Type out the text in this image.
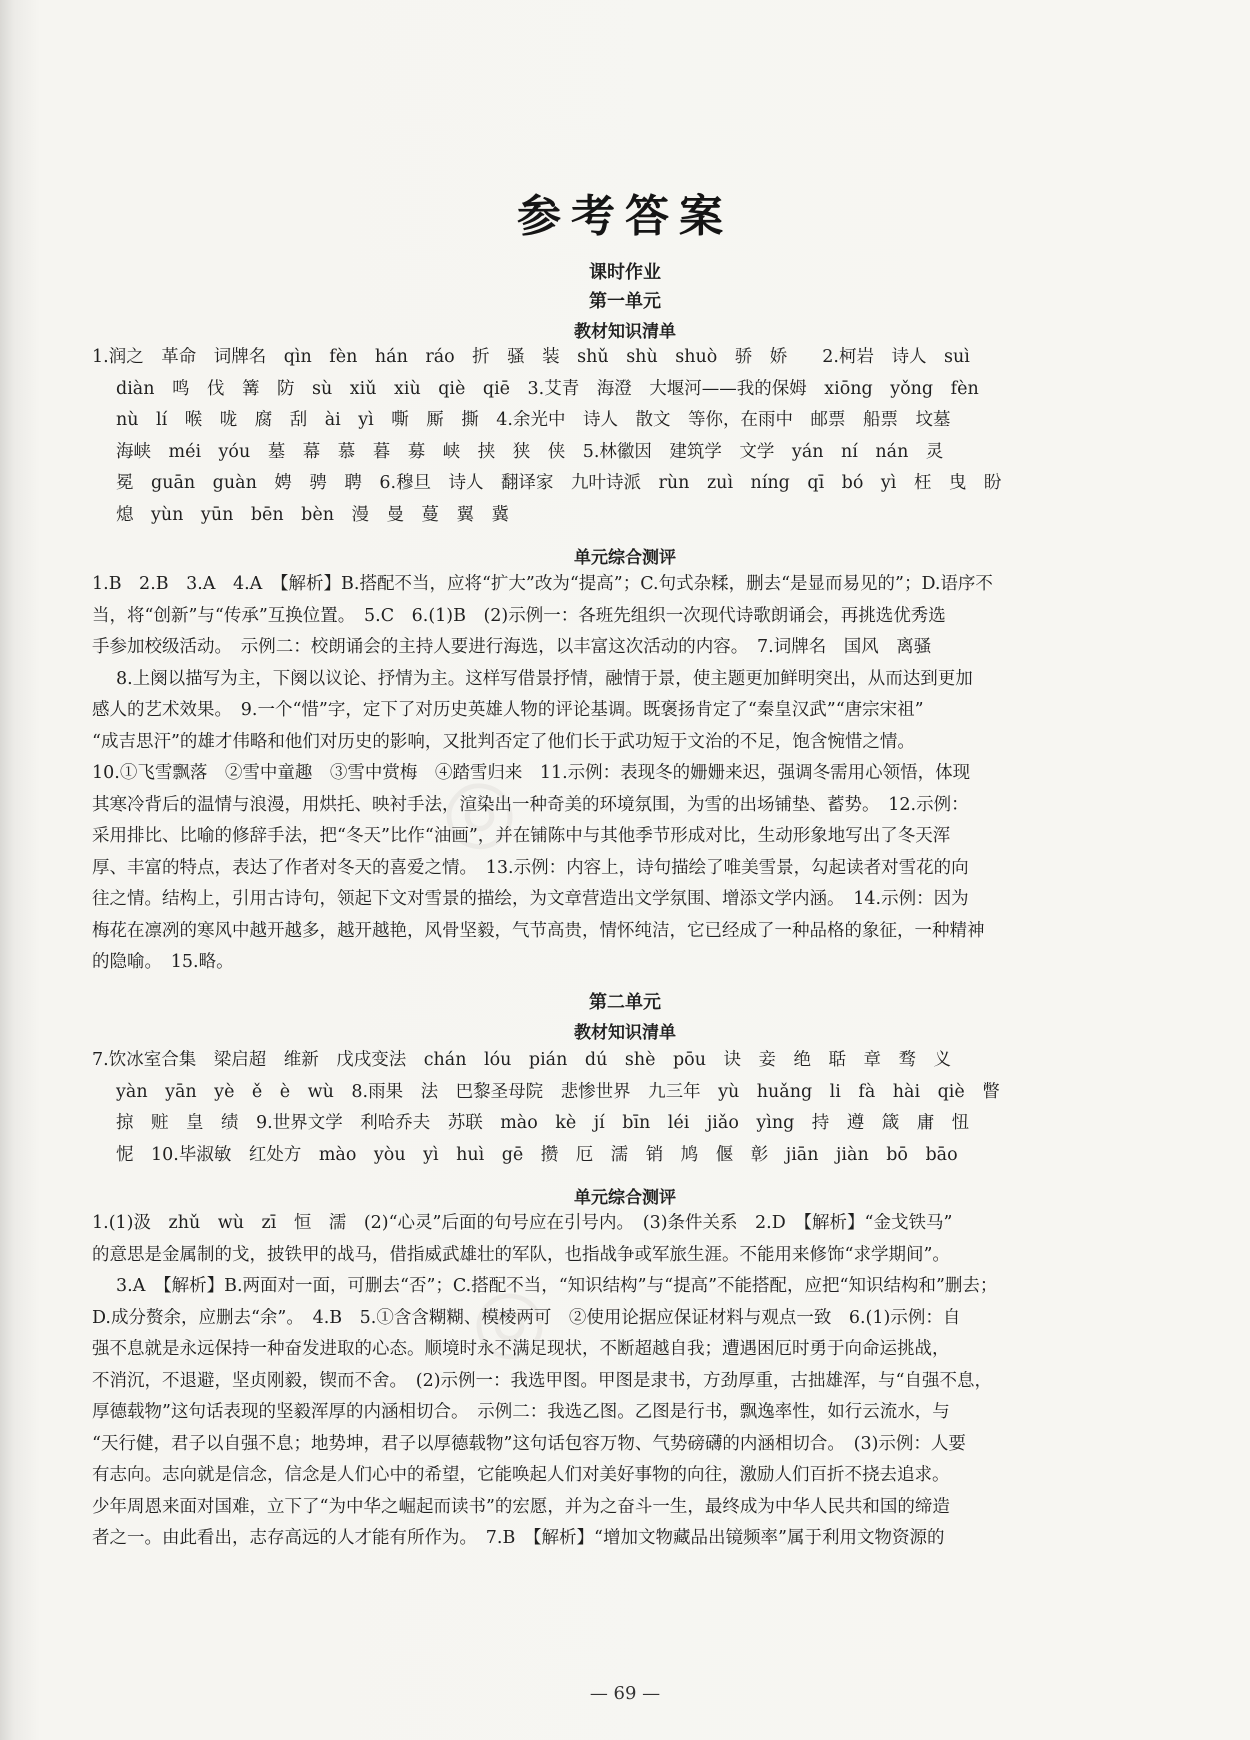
参考答案
课时作业
第一单元
教材知识清单
1.润之　革命　词牌名　qìn　fèn　hán　ráo　折　骚　装　shǔ　shù　shuò　骄　娇　　2.柯岩　诗人　suì
diàn　鸣　伐　篝　防　sù　xiǔ　xiù　qiè　qiē　3.艾青　海澄　大堰河——我的保姆　xiōng　yǒng　fèn
nù　lí　喉　咙　腐　刮　ài　yì　嘶　厮　撕　4.余光中　诗人　散文　等你，在雨中　邮票　船票　坟墓
海峡　méi　yóu　墓　幕　慕　暮　募　峡　挟　狭　侠　5.林徽因　建筑学　文学　yán　ní　nán　灵
冕　guān　guàn　娉　骋　聘　6.穆旦　诗人　翻译家　九叶诗派　rùn　zuì　níng　qī　bó　yì　枉　曳　盼
熄　yùn　yūn　bēn　bèn　漫　曼　蔓　翼　冀
单元综合测评
1.B　2.B　3.A　4.A　【解析】B.搭配不当，应将“扩大”改为“提高”；C.句式杂糅，删去“是显而易见的”；D.语序不
当，将“创新”与“传承”互换位置。　5.C　6.(1)B　(2)示例一：各班先组织一次现代诗歌朗诵会，再挑选优秀选
手参加校级活动。　示例二：校朗诵会的主持人要进行海选，以丰富这次活动的内容。　7.词牌名　国风　离骚
8.上阕以描写为主，下阕以议论、抒情为主。这样写借景抒情，融情于景，使主题更加鲜明突出，从而达到更加
感人的艺术效果。　9.一个“惜”字，定下了对历史英雄人物的评论基调。既褒扬肯定了“秦皇汉武”“唐宗宋祖”
“成吉思汗”的雄才伟略和他们对历史的影响，又批判否定了他们长于武功短于文治的不足，饱含惋惜之情。
10.①飞雪飘落　②雪中童趣　③雪中赏梅　④踏雪归来　11.示例：表现冬的姗姗来迟，强调冬需用心领悟，体现
其寒冷背后的温情与浪漫，用烘托、映衬手法，渲染出一种奇美的环境氛围，为雪的出场铺垫、蓄势。　12.示例：
采用排比、比喻的修辞手法，把“冬天”比作“油画”，并在铺陈中与其他季节形成对比，生动形象地写出了冬天浑
厚、丰富的特点，表达了作者对冬天的喜爱之情。　13.示例：内容上，诗句描绘了唯美雪景，勾起读者对雪花的向
往之情。结构上，引用古诗句，领起下文对雪景的描绘，为文章营造出文学氛围、增添文学内涵。　14.示例：因为
梅花在凛冽的寒风中越开越多，越开越艳，风骨坚毅，气节高贵，情怀纯洁，它已经成了一种品格的象征，一种精神
的隐喻。　15.略。
第二单元
教材知识清单
7.饮冰室合集　梁启超　维新　戊戌变法　chán　lóu　pián　dú　shè　pōu　诀　妾　绝　聒　章　骛　义
yàn　yān　yè　ě　è　wù　8.雨果　法　巴黎圣母院　悲惨世界　九三年　yù　huǎng　li　fà　hài　qiè　瞥
掠　赃　皇　绩　9.世界文学　利哈乔夫　苏联　mào　kè　jí　bīn　léi　jiǎo　yìng　持　遵　箴　庸　忸
怩　10.毕淑敏　红处方　mào　yòu　yì　huì　gē　攒　厄　濡　销　鸠　偃　彰　jiān　jiàn　bō　bāo
单元综合测评
1.(1)汲　zhǔ　wù　zī　恒　濡　(2)“心灵”后面的句号应在引号内。　(3)条件关系　2.D　【解析】“金戈铁马”
的意思是金属制的戈，披铁甲的战马，借指威武雄壮的军队，也指战争或军旅生涯。不能用来修饰“求学期间”。
3.A　【解析】B.两面对一面，可删去“否”；C.搭配不当，“知识结构”与“提高”不能搭配，应把“知识结构和”删去；
D.成分赘余，应删去“余”。　4.B　5.①含含糊糊、模棱两可　②使用论据应保证材料与观点一致　6.(1)示例：自
强不息就是永远保持一种奋发进取的心态。顺境时永不满足现状，不断超越自我；遭遇困厄时勇于向命运挑战，
不消沉，不退避，坚贞刚毅，锲而不舍。　(2)示例一：我选甲图。甲图是隶书，方劲厚重，古拙雄浑，与“自强不息，
厚德载物”这句话表现的坚毅浑厚的内涵相切合。　示例二：我选乙图。乙图是行书，飘逸率性，如行云流水，与
“天行健，君子以自强不息；地势坤，君子以厚德载物”这句话包容万物、气势磅礴的内涵相切合。　(3)示例：人要
有志向。志向就是信念，信念是人们心中的希望，它能唤起人们对美好事物的向往，激励人们百折不挠去追求。
少年周恩来面对国难，立下了“为中华之崛起而读书”的宏愿，并为之奋斗一生，最终成为中华人民共和国的缔造
者之一。由此看出，志存高远的人才能有所作为。　7.B　【解析】“增加文物藏品出镜频率”属于利用文物资源的
◎
◎
— 69 —
